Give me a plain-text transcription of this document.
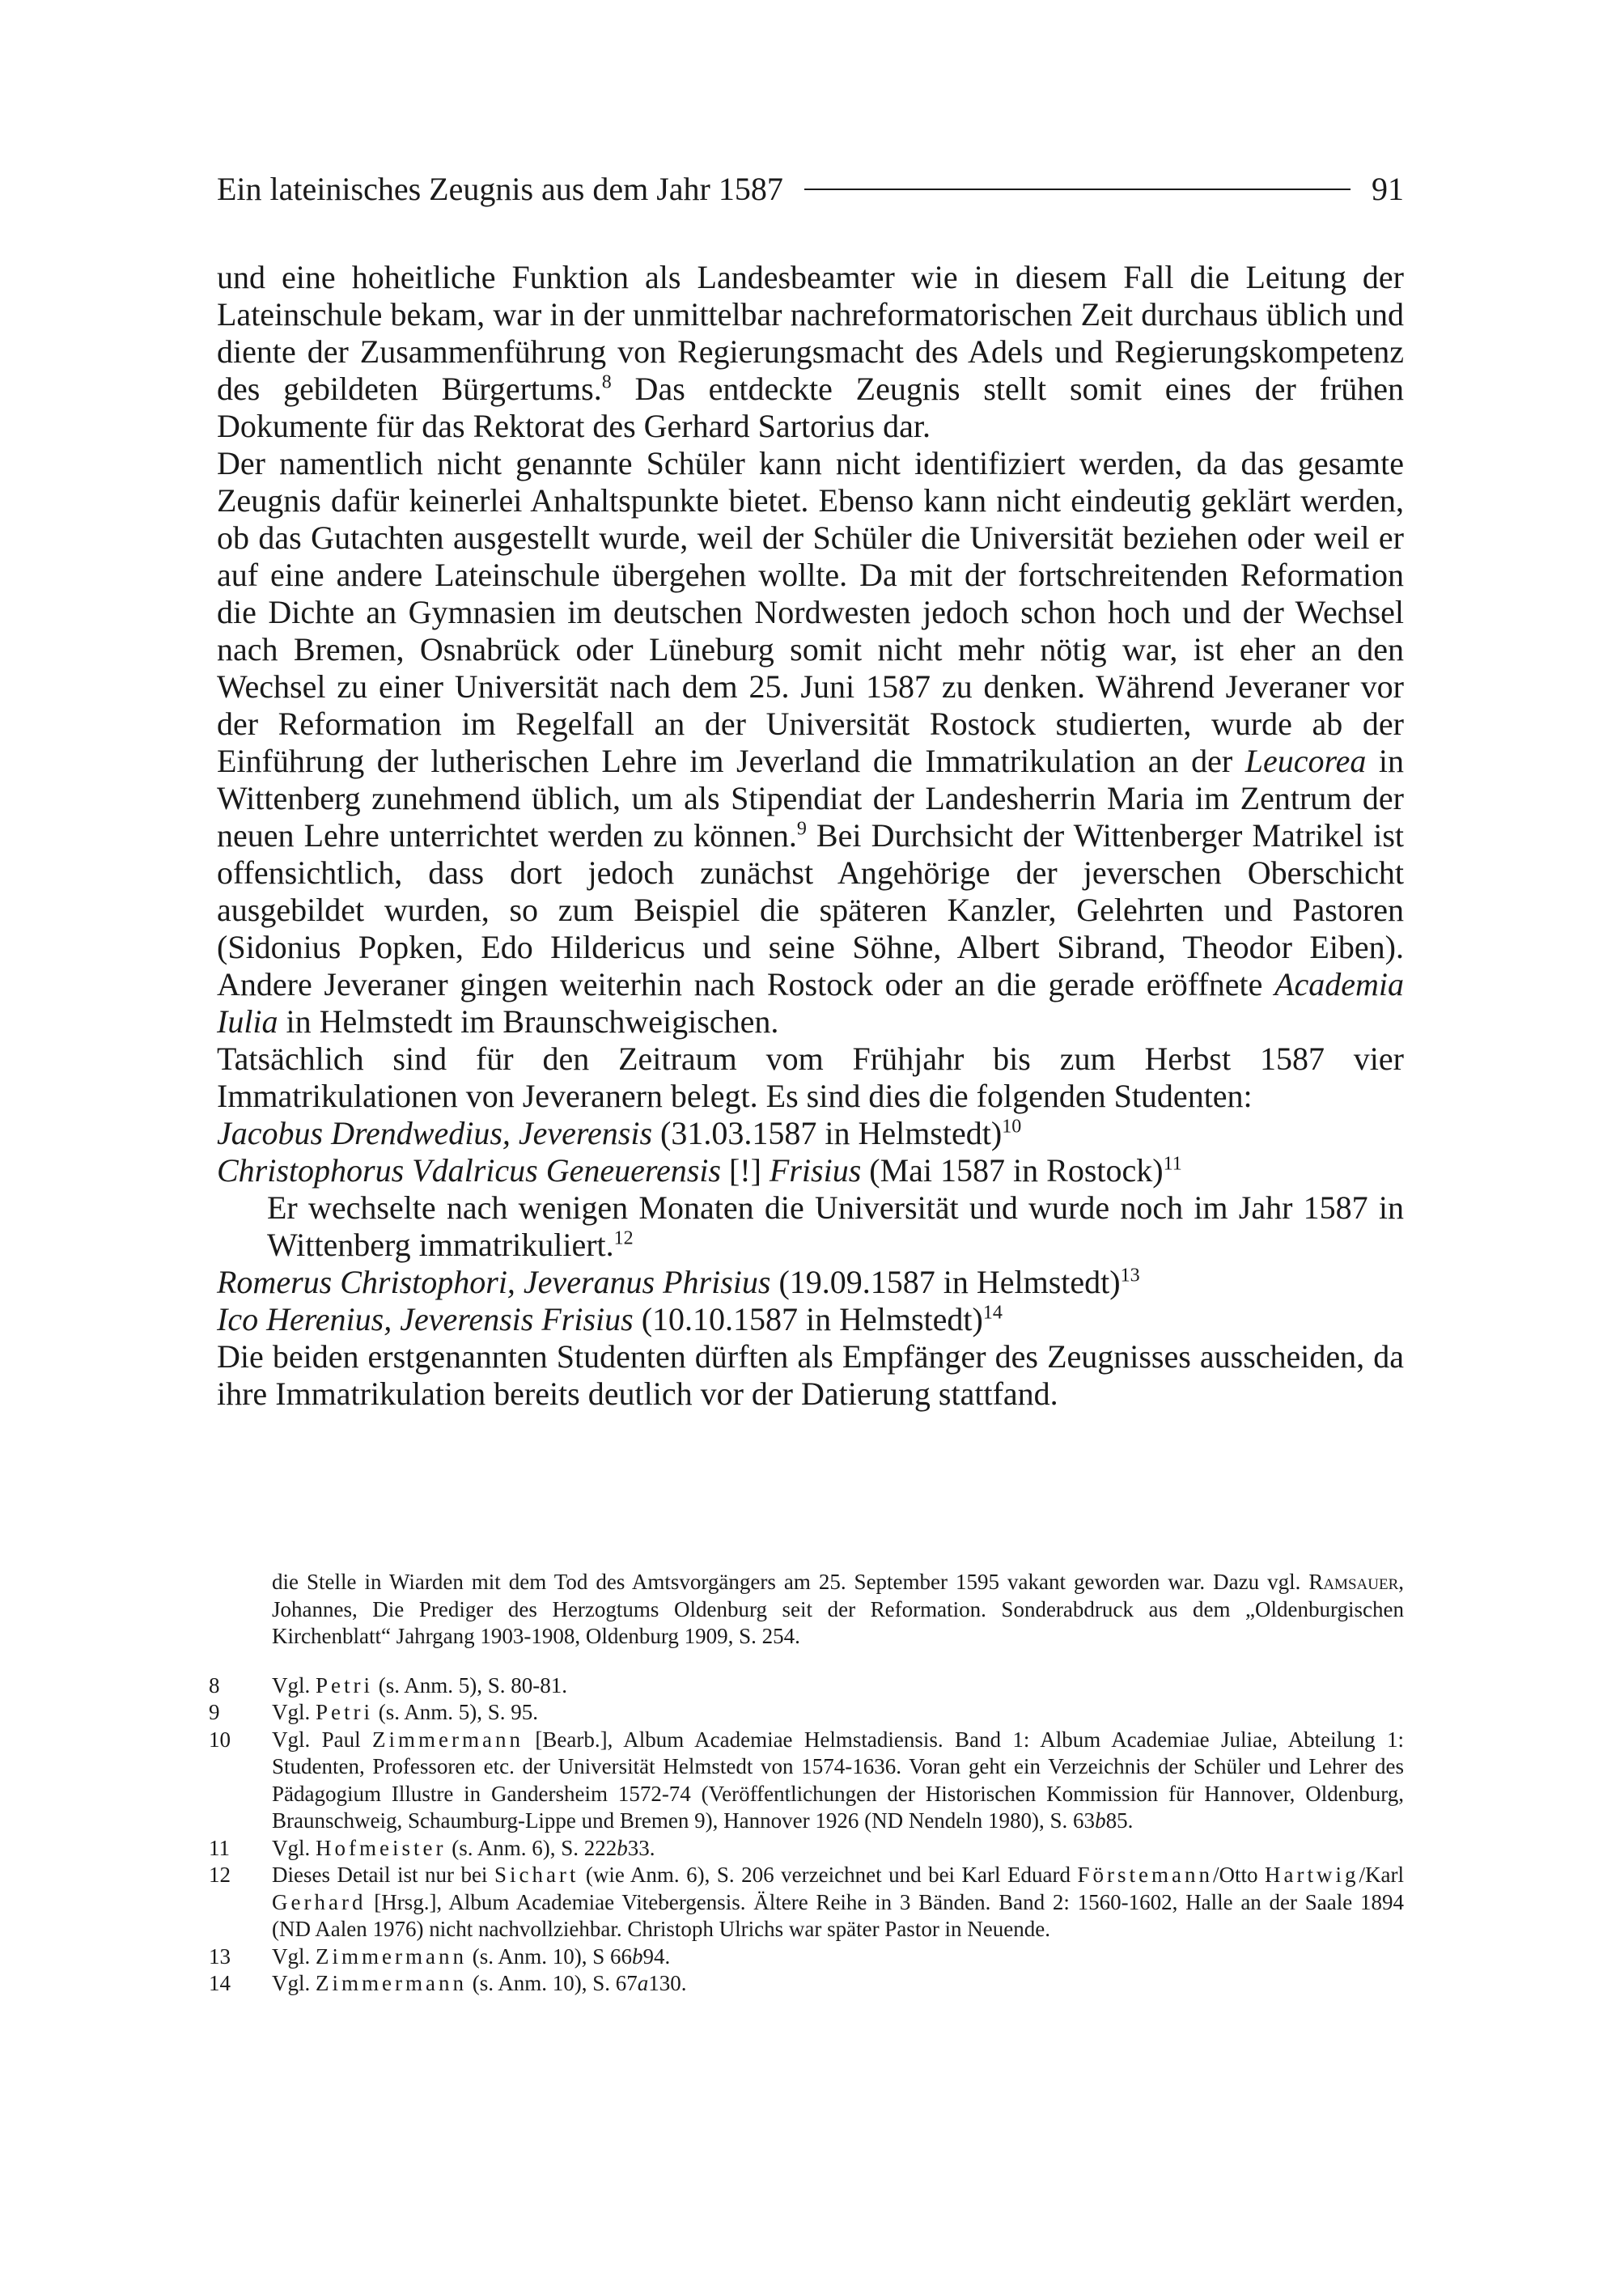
Ein lateinisches Zeugnis aus dem Jahr 1587	91

und eine hoheitliche Funktion als Landesbeamter wie in diesem Fall die Leitung der Lateinschule bekam, war in der unmittelbar nachreformatorischen Zeit durchaus üblich und diente der Zusammenführung von Regierungsmacht des Adels und Regierungskompetenz des gebildeten Bürgertums.$^8$ Das entdeckte Zeugnis stellt somit eines der frühen Dokumente für das Rektorat des Gerhard Sartorius dar.

Der namentlich nicht genannte Schüler kann nicht identifiziert werden, da das gesamte Zeugnis dafür keinerlei Anhaltspunkte bietet. Ebenso kann nicht eindeutig geklärt werden, ob das Gutachten ausgestellt wurde, weil der Schüler die Universität beziehen oder weil er auf eine andere Lateinschule übergehen wollte. Da mit der fortschreitenden Reformation die Dichte an Gymnasien im deutschen Nordwesten jedoch schon hoch und der Wechsel nach Bremen, Osnabrück oder Lüneburg somit nicht mehr nötig war, ist eher an den Wechsel zu einer Universität nach dem 25. Juni 1587 zu denken. Während Jeveraner vor der Reformation im Regelfall an der Universität Rostock studierten, wurde ab der Einführung der lutherischen Lehre im Jeverland die Immatrikulation an der Leucorea in Wittenberg zunehmend üblich, um als Stipendiat der Landesherrin Maria im Zentrum der neuen Lehre unterrichtet werden zu können.$^9$ Bei Durchsicht der Wittenberger Matrikel ist offensichtlich, dass dort jedoch zunächst Angehörige der jeverschen Oberschicht ausgebildet wurden, so zum Beispiel die späteren Kanzler, Gelehrten und Pastoren (Sidonius Popken, Edo Hildericus und seine Söhne, Albert Sibrand, Theodor Eiben). Andere Jeveraner gingen weiterhin nach Rostock oder an die gerade eröffnete Academia Iulia in Helmstedt im Braunschweigischen.

Tatsächlich sind für den Zeitraum vom Frühjahr bis zum Herbst 1587 vier Immatrikulationen von Jeveranern belegt. Es sind dies die folgenden Studenten:

Jacobus Drendwedius, Jeverensis (31.03.1587 in Helmstedt)$^{10}$

Christophorus Vdalricus Geneuerensis [!] Frisius (Mai 1587 in Rostock)$^{11}$

Er wechselte nach wenigen Monaten die Universität und wurde noch im Jahr 1587 in Wittenberg immatrikuliert.$^{12}$

Romerus Christophori, Jeveranus Phrisius (19.09.1587 in Helmstedt)$^{13}$

Ico Herenius, Jeverensis Frisius (10.10.1587 in Helmstedt)$^{14}$

Die beiden erstgenannten Studenten dürften als Empfänger des Zeugnisses ausscheiden, da ihre Immatrikulation bereits deutlich vor der Datierung stattfand.

die Stelle in Wiarden mit dem Tod des Amtsvorgängers am 25. September 1595 vakant geworden war. Dazu vgl. Ramsauer, Johannes, Die Prediger des Herzogtums Oldenburg seit der Reformation. Sonderabdruck aus dem „Oldenburgischen Kirchenblatt“ Jahrgang 1903-1908, Oldenburg 1909, S. 254.

8	Vgl. Petri (s. Anm. 5), S. 80-81.
9	Vgl. Petri (s. Anm. 5), S. 95.
10	Vgl. Paul Zimmermann [Bearb.], Album Academiae Helmstadiensis. Band 1: Album Academiae Juliae, Abteilung 1: Studenten, Professoren etc. der Universität Helmstedt von 1574-1636. Voran geht ein Verzeichnis der Schüler und Lehrer des Pädagogium Illustre in Gandersheim 1572-74 (Veröffentlichungen der Historischen Kommission für Hannover, Oldenburg, Braunschweig, Schaumburg-Lippe und Bremen 9), Hannover 1926 (ND Nendeln 1980), S. 63b85.
11	Vgl. Hofmeister (s. Anm. 6), S. 222b33.
12	Dieses Detail ist nur bei Sichart (wie Anm. 6), S. 206 verzeichnet und bei Karl Eduard Förstemann/Otto Hartwig/Karl Gerhard [Hrsg.], Album Academiae Vitebergensis. Ältere Reihe in 3 Bänden. Band 2: 1560-1602, Halle an der Saale 1894 (ND Aalen 1976) nicht nachvollziehbar. Christoph Ulrichs war später Pastor in Neuende.
13	Vgl. Zimmermann (s. Anm. 10), S 66b94.
14	Vgl. Zimmermann (s. Anm. 10), S. 67a130.
